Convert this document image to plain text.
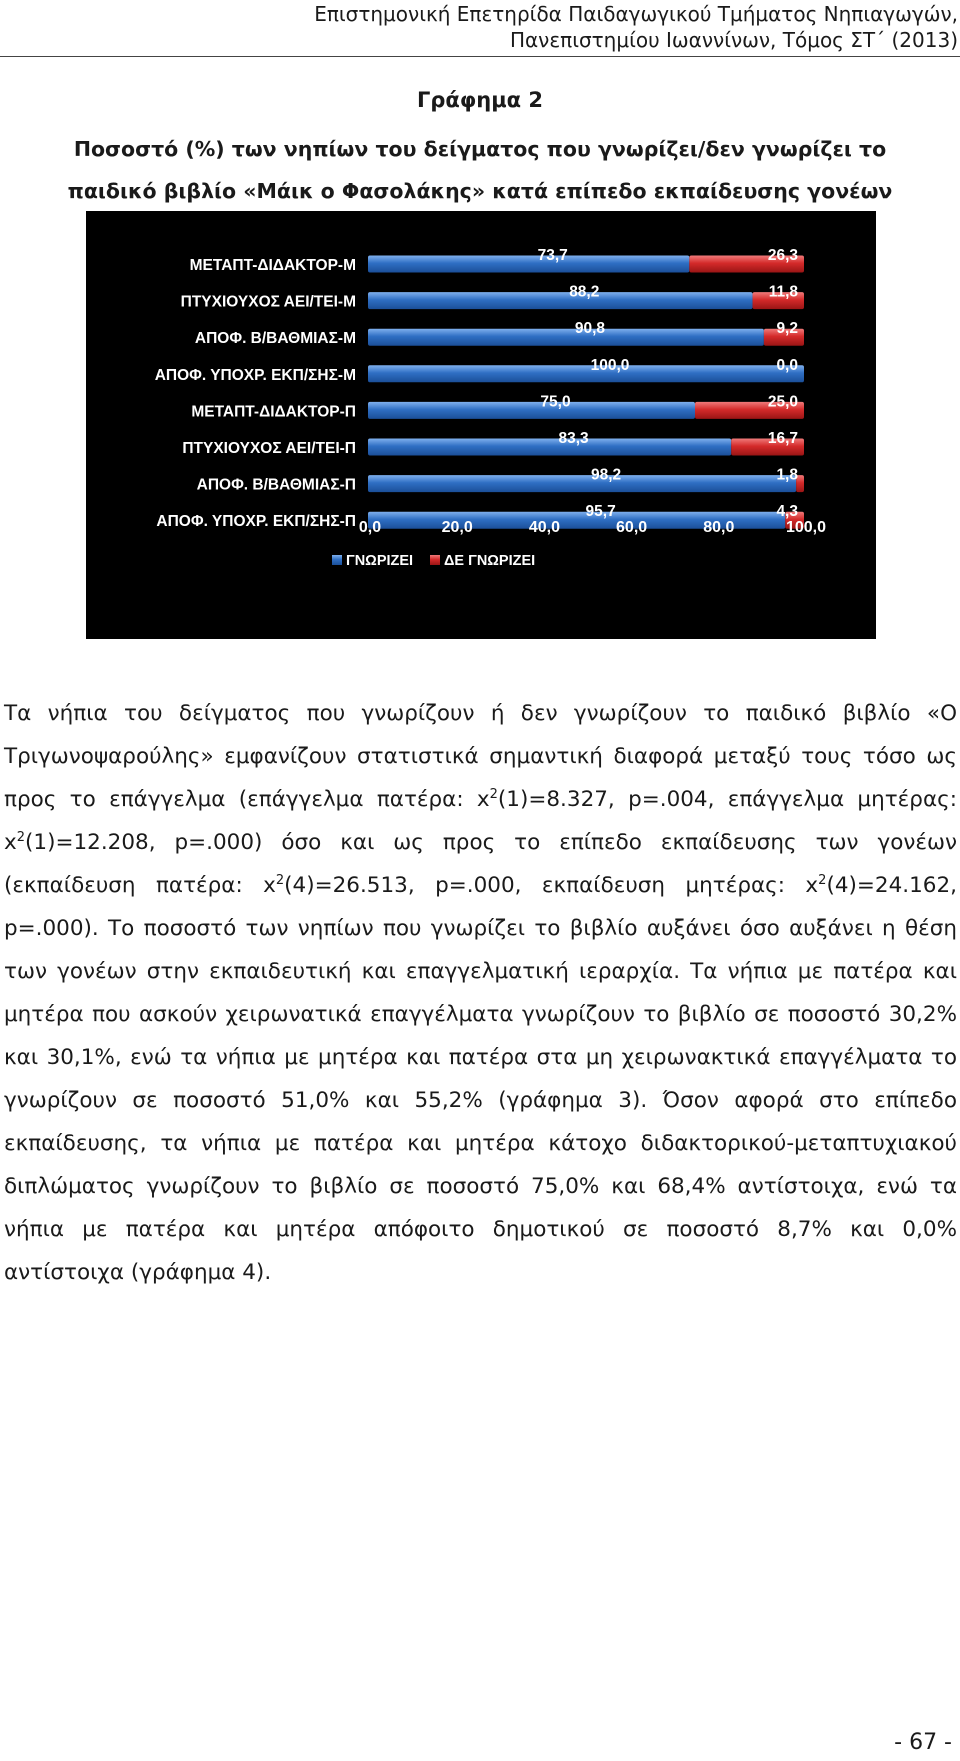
Επιστημονική Επετηρίδα Παιδαγωγικού Τμήματος Νηπιαγωγών,
Πανεπιστημίου Ιωαννίνων, Τόμος ΣΤ΄ (2013)
Γράφημα 2
Ποσοστό (%) των νηπίων του δείγματος που γνωρίζει/δεν γνωρίζει το παιδικό βιβλίο «Μάικ ο Φασολάκης» κατά επίπεδο εκπαίδευσης γονέων
ΜΕΤΑΠΤ-ΔΙΔΑΚΤΟΡ-Μ
73,7	26,3
ΠΤΥΧΙΟΥΧΟΣ ΑΕΙ/ΤΕΙ-Μ
88,2	11,8
ΑΠΟΦ. Β/ΒΑΘΜΙΑΣ-Μ
90,8	9,2
ΑΠΟΦ. ΥΠΟΧΡ. ΕΚΠ/ΣΗΣ-Μ
100,0	0,0
ΜΕΤΑΠΤ-ΔΙΔΑΚΤΟΡ-Π
75,0	25,0
ΠΤΥΧΙΟΥΧΟΣ ΑΕΙ/ΤΕΙ-Π
83,3	16,7
ΑΠΟΦ. Β/ΒΑΘΜΙΑΣ-Π
98,2	1,8
ΑΠΟΦ. ΥΠΟΧΡ. ΕΚΠ/ΣΗΣ-Π
95,7	4,3
0,0	20,0	40,0	60,0	80,0	100,0
ΓΝΩΡΙΖΕΙ ΔΕ ΓΝΩΡΙΖΕΙ
Τα νήπια του δείγματος που γνωρίζουν ή δεν γνωρίζουν το παιδικό βιβλίο «Ο Τριγωνοψαρούλης» εμφανίζουν στατιστικά σημαντική διαφορά μεταξύ τους τόσο ως προς το επάγγελμα (επάγγελμα πατέρα: $x^2(1)=8.327$, p=.004, επάγγελμα μητέρας: $x^2(1)=12.208$, p=.000) όσο και ως προς το επίπεδο εκπαίδευσης των γονέων (εκπαίδευση πατέρα: $x^2(4)=26.513$, p=.000, εκπαίδευση μητέρας: $x^2(4)=24.162$, p=.000). Το ποσοστό των νηπίων που γνωρίζει το βιβλίο αυξάνει όσο αυξάνει η θέση των γονέων στην εκπαιδευτική και επαγγελματική ιεραρχία. Τα νήπια με πατέρα και μητέρα που ασκούν χειρωνατικά επαγγέλματα γνωρίζουν το βιβλίο σε ποσοστό 30,2% και 30,1%, ενώ τα νήπια με μητέρα και πατέρα στα μη χειρωνακτικά επαγγέλματα το γνωρίζουν σε ποσοστό 51,0% και 55,2% (γράφημα 3). Όσον αφορά στο επίπεδο εκπαίδευσης, τα νήπια με πατέρα και μητέρα κάτοχο διδακτορικού-μεταπτυχιακού διπλώματος γνωρίζουν το βιβλίο σε ποσοστό 75,0% και 68,4% αντίστοιχα, ενώ τα νήπια με πατέρα και μητέρα απόφοιτο δημοτικού σε ποσοστό 8,7% και 0,0% αντίστοιχα (γράφημα 4).
- 67 -
